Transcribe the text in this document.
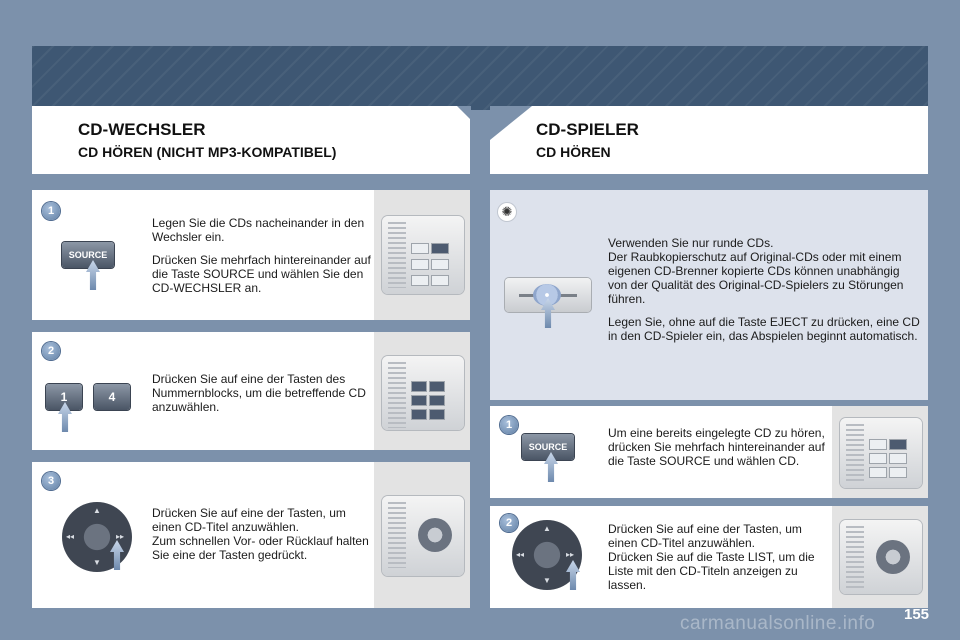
CD-WECHSLER
CD HÖREN (NICHT MP3-KOMPATIBEL)
CD-SPIELER
CD HÖREN
1
SOURCE

Legen Sie die CDs nacheinander in den Wechsler ein.

Drücken Sie mehrfach hintereinander auf die Taste SOURCE und wählen Sie den CD-WECHSLER an.

2
1	4

Drücken Sie auf eine der Tasten des Nummernblocks, um die betreffende CD anzuwählen.

3
▲
▼
◂◂	▸▸

Drücken Sie auf eine der Tasten, um einen CD-Titel anzuwählen.
Zum schnellen Vor- oder Rücklauf halten Sie eine der Tasten gedrückt.

✺

Verwenden Sie nur runde CDs.
Der Raubkopierschutz auf Original-CDs oder mit einem eigenen CD-Brenner kopierte CDs können unabhängig von der Qualität des Original-CD-Spielers zu Störungen führen.

Legen Sie, ohne auf die Taste EJECT zu drücken, eine CD in den CD-Spieler ein, das Abspielen beginnt automatisch.

1
SOURCE

Um eine bereits eingelegte CD zu hören, drücken Sie mehrfach hintereinander auf die Taste SOURCE und wählen CD.

2	▲
▼
◂◂	▸▸

Drücken Sie auf eine der Tasten, um einen CD-Titel anzuwählen.
Drücken Sie auf die Taste LIST, um die Liste mit den CD-Titeln anzeigen zu lassen.

carmanualsonline.info 155
